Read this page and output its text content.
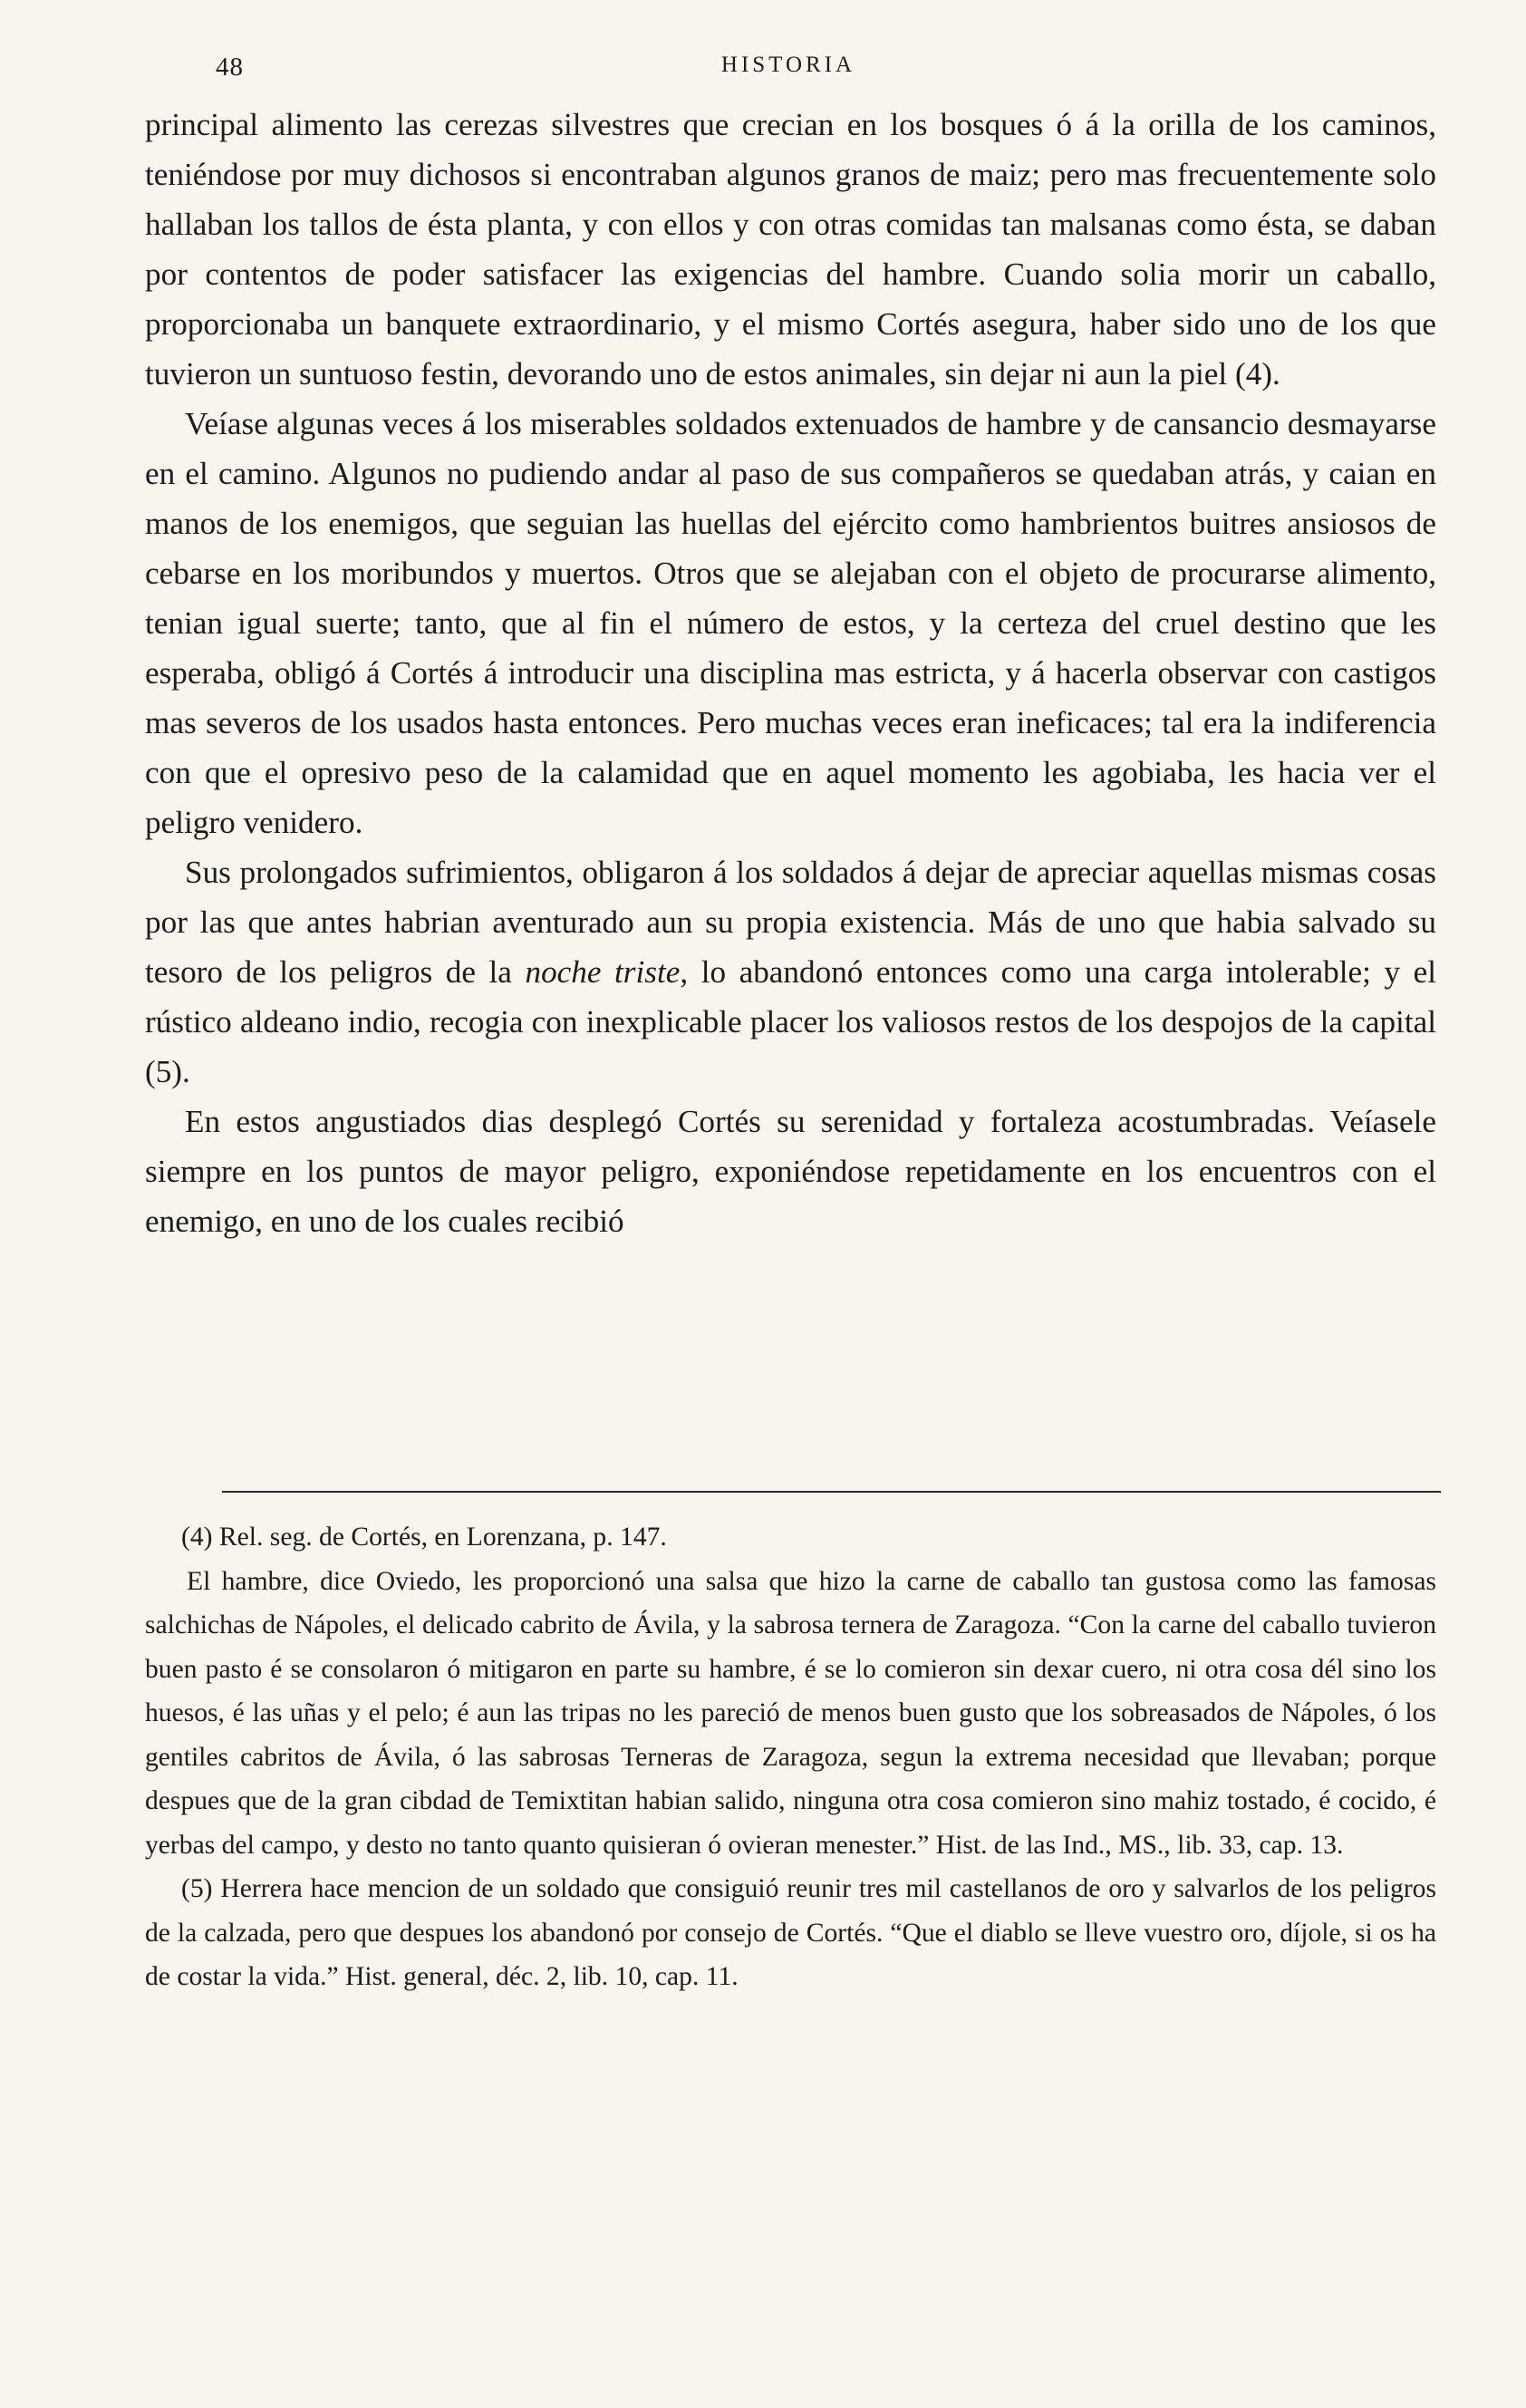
48	HISTORIA

principal alimento las cerezas silvestres que crecian en los bosques ó á la orilla de los caminos, teniéndose por muy dichosos si encontraban algunos granos de maiz; pero mas frecuentemente solo hallaban los tallos de ésta planta, y con ellos y con otras comidas tan malsanas como ésta, se daban por contentos de poder satisfacer las exigencias del hambre. Cuando solia morir un caballo, proporcionaba un banquete extraordinario, y el mismo Cortés asegura, haber sido uno de los que tuvieron un suntuoso festin, devorando uno de estos animales, sin dejar ni aun la piel (4).

Veíase algunas veces á los miserables soldados extenuados de hambre y de cansancio desmayarse en el camino. Algunos no pudiendo andar al paso de sus compañeros se quedaban atrás, y caian en manos de los enemigos, que seguian las huellas del ejército como hambrientos buitres ansiosos de cebarse en los moribundos y muertos. Otros que se alejaban con el objeto de procurarse alimento, tenian igual suerte; tanto, que al fin el número de estos, y la certeza del cruel destino que les esperaba, obligó á Cortés á introducir una disciplina mas estricta, y á hacerla observar con castigos mas severos de los usados hasta entonces. Pero muchas veces eran ineficaces; tal era la indiferencia con que el opresivo peso de la calamidad que en aquel momento les agobiaba, les hacia ver el peligro venidero.

Sus prolongados sufrimientos, obligaron á los soldados á dejar de apreciar aquellas mismas cosas por las que antes habrian aventurado aun su propia existencia. Más de uno que habia salvado su tesoro de los peligros de la noche triste, lo abandonó entonces como una carga intolerable; y el rústico aldeano indio, recogia con inexplicable placer los valiosos restos de los despojos de la capital (5).

En estos angustiados dias desplegó Cortés su serenidad y fortaleza acostumbradas. Veíasele siempre en los puntos de mayor peligro, exponiéndose repetidamente en los encuentros con el enemigo, en uno de los cuales recibió

(4) Rel. seg. de Cortés, en Lorenzana, p. 147.

El hambre, dice Oviedo, les proporcionó una salsa que hizo la carne de caballo tan gustosa como las famosas salchichas de Nápoles, el delicado cabrito de Ávila, y la sabrosa ternera de Zaragoza. “Con la carne del caballo tuvieron buen pasto é se consolaron ó mitigaron en parte su hambre, é se lo comieron sin dexar cuero, ni otra cosa dél sino los huesos, é las uñas y el pelo; é aun las tripas no les pareció de menos buen gusto que los sobreasados de Nápoles, ó los gentiles cabritos de Ávila, ó las sabrosas Terneras de Zaragoza, segun la extrema necesidad que llevaban; porque despues que de la gran cibdad de Temixtitan habian salido, ninguna otra cosa comieron sino mahiz tostado, é cocido, é yerbas del campo, y desto no tanto quanto quisieran ó ovieran menester.” Hist. de las Ind., MS., lib. 33, cap. 13.

(5) Herrera hace mencion de un soldado que consiguió reunir tres mil castellanos de oro y salvarlos de los peligros de la calzada, pero que despues los abandonó por consejo de Cortés. “Que el diablo se lleve vuestro oro, díjole, si os ha de costar la vida.” Hist. general, déc. 2, lib. 10, cap. 11.
